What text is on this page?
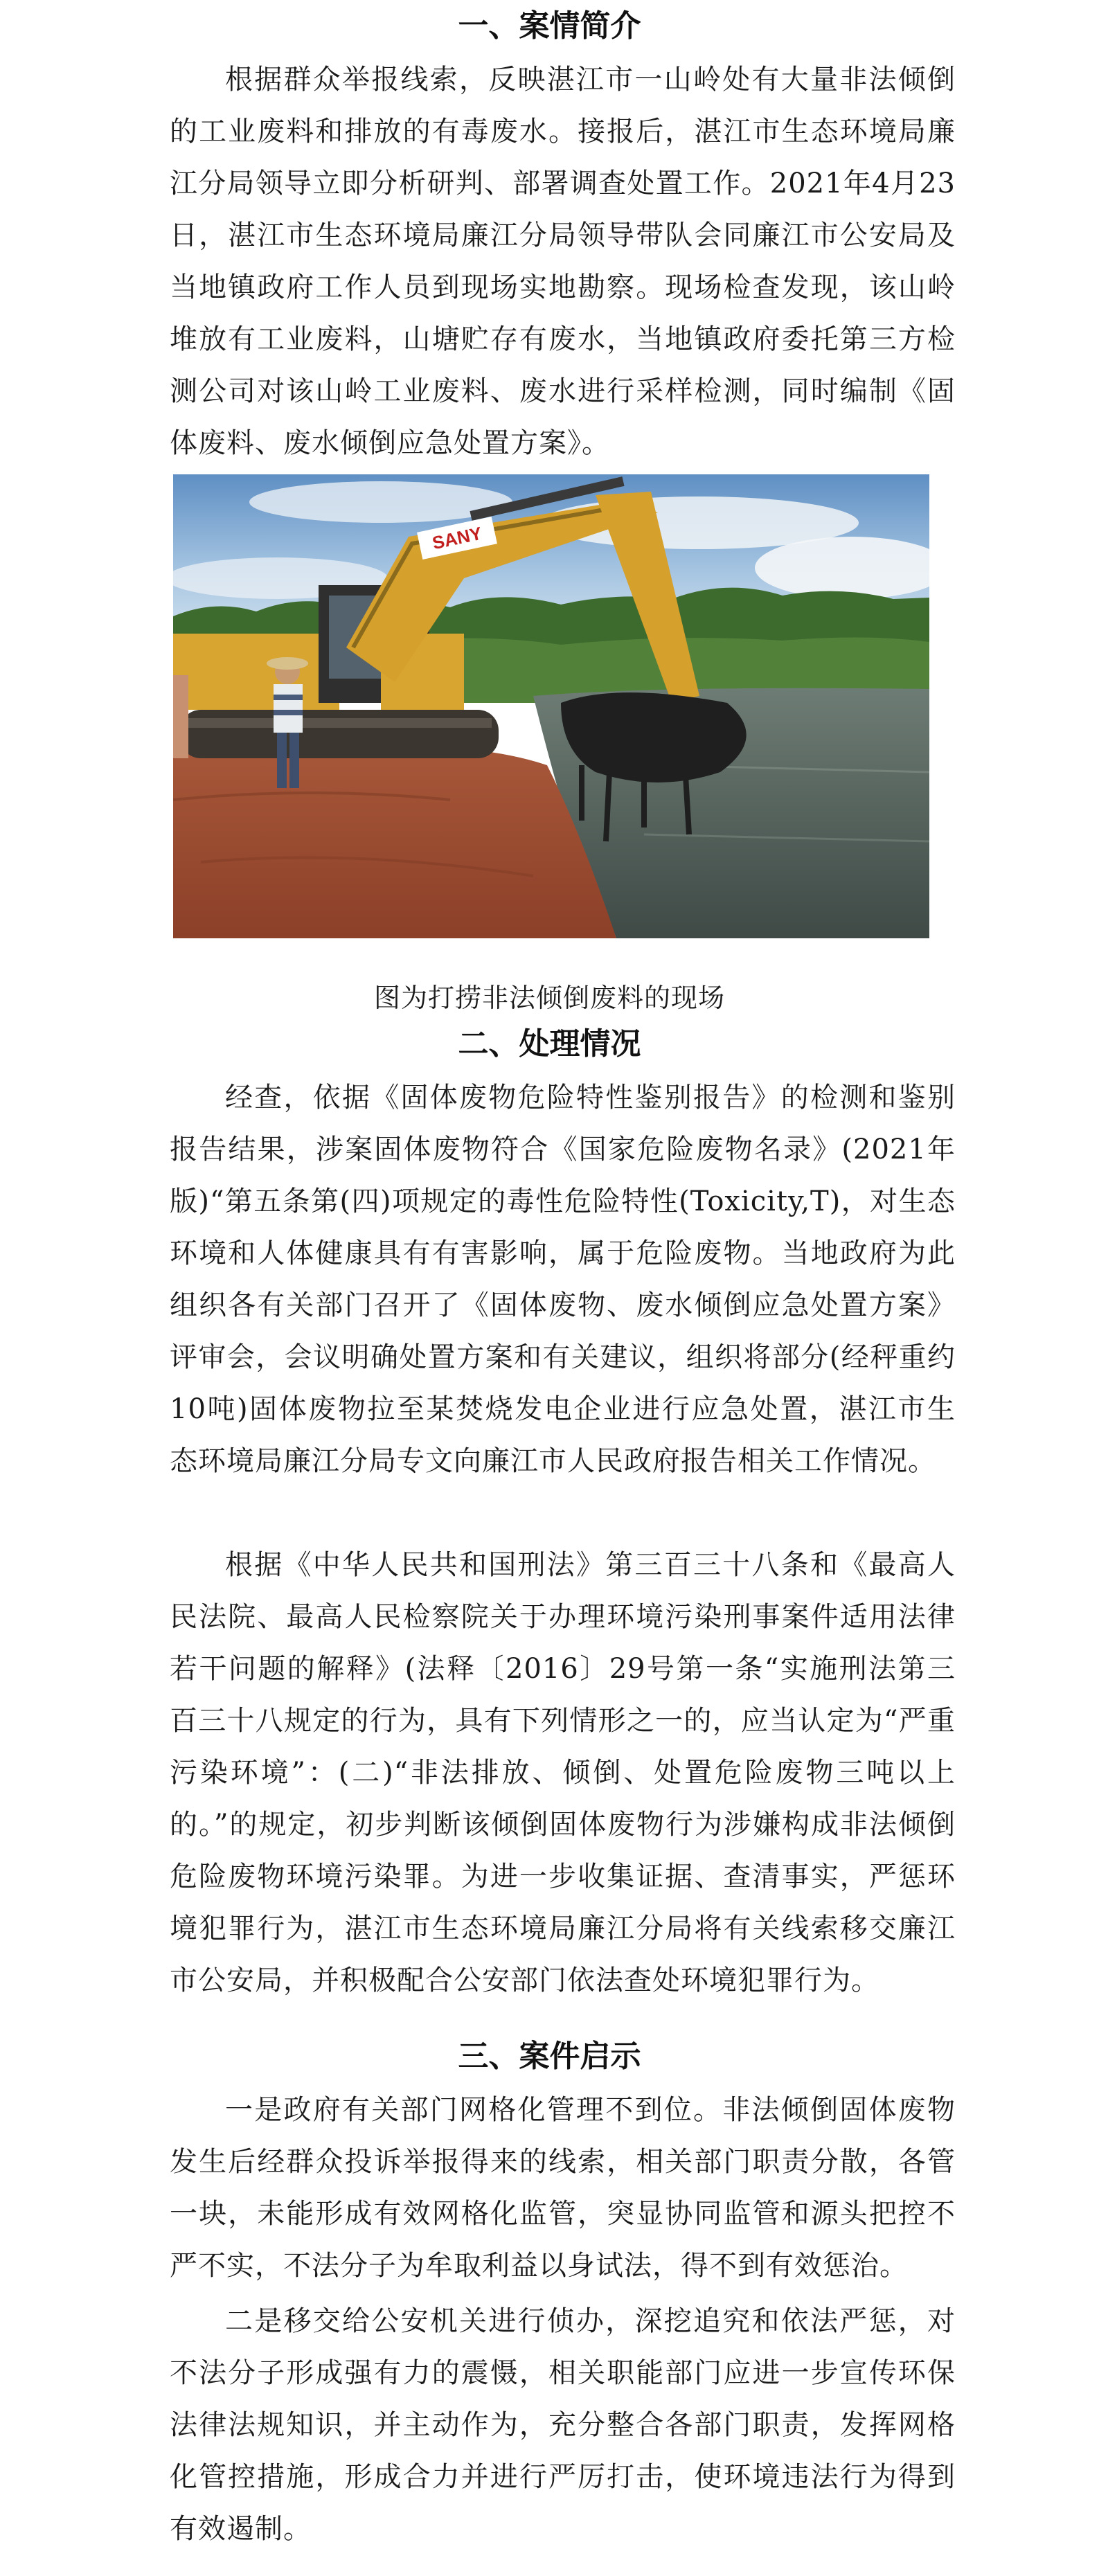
一、案情简介

根据群众举报线索，反映湛江市一山岭处有大量非法倾倒的工业废料和排放的有毒废水。接报后，湛江市生态环境局廉江分局领导立即分析研判、部署调查处置工作。2021年4月23日，湛江市生态环境局廉江分局领导带队会同廉江市公安局及当地镇政府工作人员到现场实地勘察。现场检查发现，该山岭堆放有工业废料，山塘贮存有废水，当地镇政府委托第三方检测公司对该山岭工业废料、废水进行采样检测，同时编制《固体废料、废水倾倒应急处置方案》。

SANY
图为打捞非法倾倒废料的现场
二、处理情况

经查，依据《固体废物危险特性鉴别报告》的检测和鉴别报告结果，涉案固体废物符合《国家危险废物名录》(2021年版)“第五条第(四)项规定的毒性危险特性(Toxicity,T)，对生态环境和人体健康具有有害影响，属于危险废物。当地政府为此组织各有关部门召开了《固体废物、废水倾倒应急处置方案》评审会，会议明确处置方案和有关建议，组织将部分(经秤重约10吨)固体废物拉至某焚烧发电企业进行应急处置，湛江市生态环境局廉江分局专文向廉江市人民政府报告相关工作情况。

根据《中华人民共和国刑法》第三百三十八条和《最高人民法院、最高人民检察院关于办理环境污染刑事案件适用法律若干问题的解释》(法释〔2016〕29号第一条“实施刑法第三百三十八规定的行为，具有下列情形之一的，应当认定为“严重污染环境”：(二)“非法排放、倾倒、处置危险废物三吨以上的。”的规定，初步判断该倾倒固体废物行为涉嫌构成非法倾倒危险废物环境污染罪。为进一步收集证据、查清事实，严惩环境犯罪行为，湛江市生态环境局廉江分局将有关线索移交廉江市公安局，并积极配合公安部门依法查处环境犯罪行为。

三、案件启示

一是政府有关部门网格化管理不到位。非法倾倒固体废物发生后经群众投诉举报得来的线索，相关部门职责分散，各管一块，未能形成有效网格化监管，突显协同监管和源头把控不严不实，不法分子为牟取利益以身试法，得不到有效惩治。

二是移交给公安机关进行侦办，深挖追究和依法严惩，对不法分子形成强有力的震慑，相关职能部门应进一步宣传环保法律法规知识，并主动作为，充分整合各部门职责，发挥网格化管控措施，形成合力并进行严厉打击，使环境违法行为得到有效遏制。
